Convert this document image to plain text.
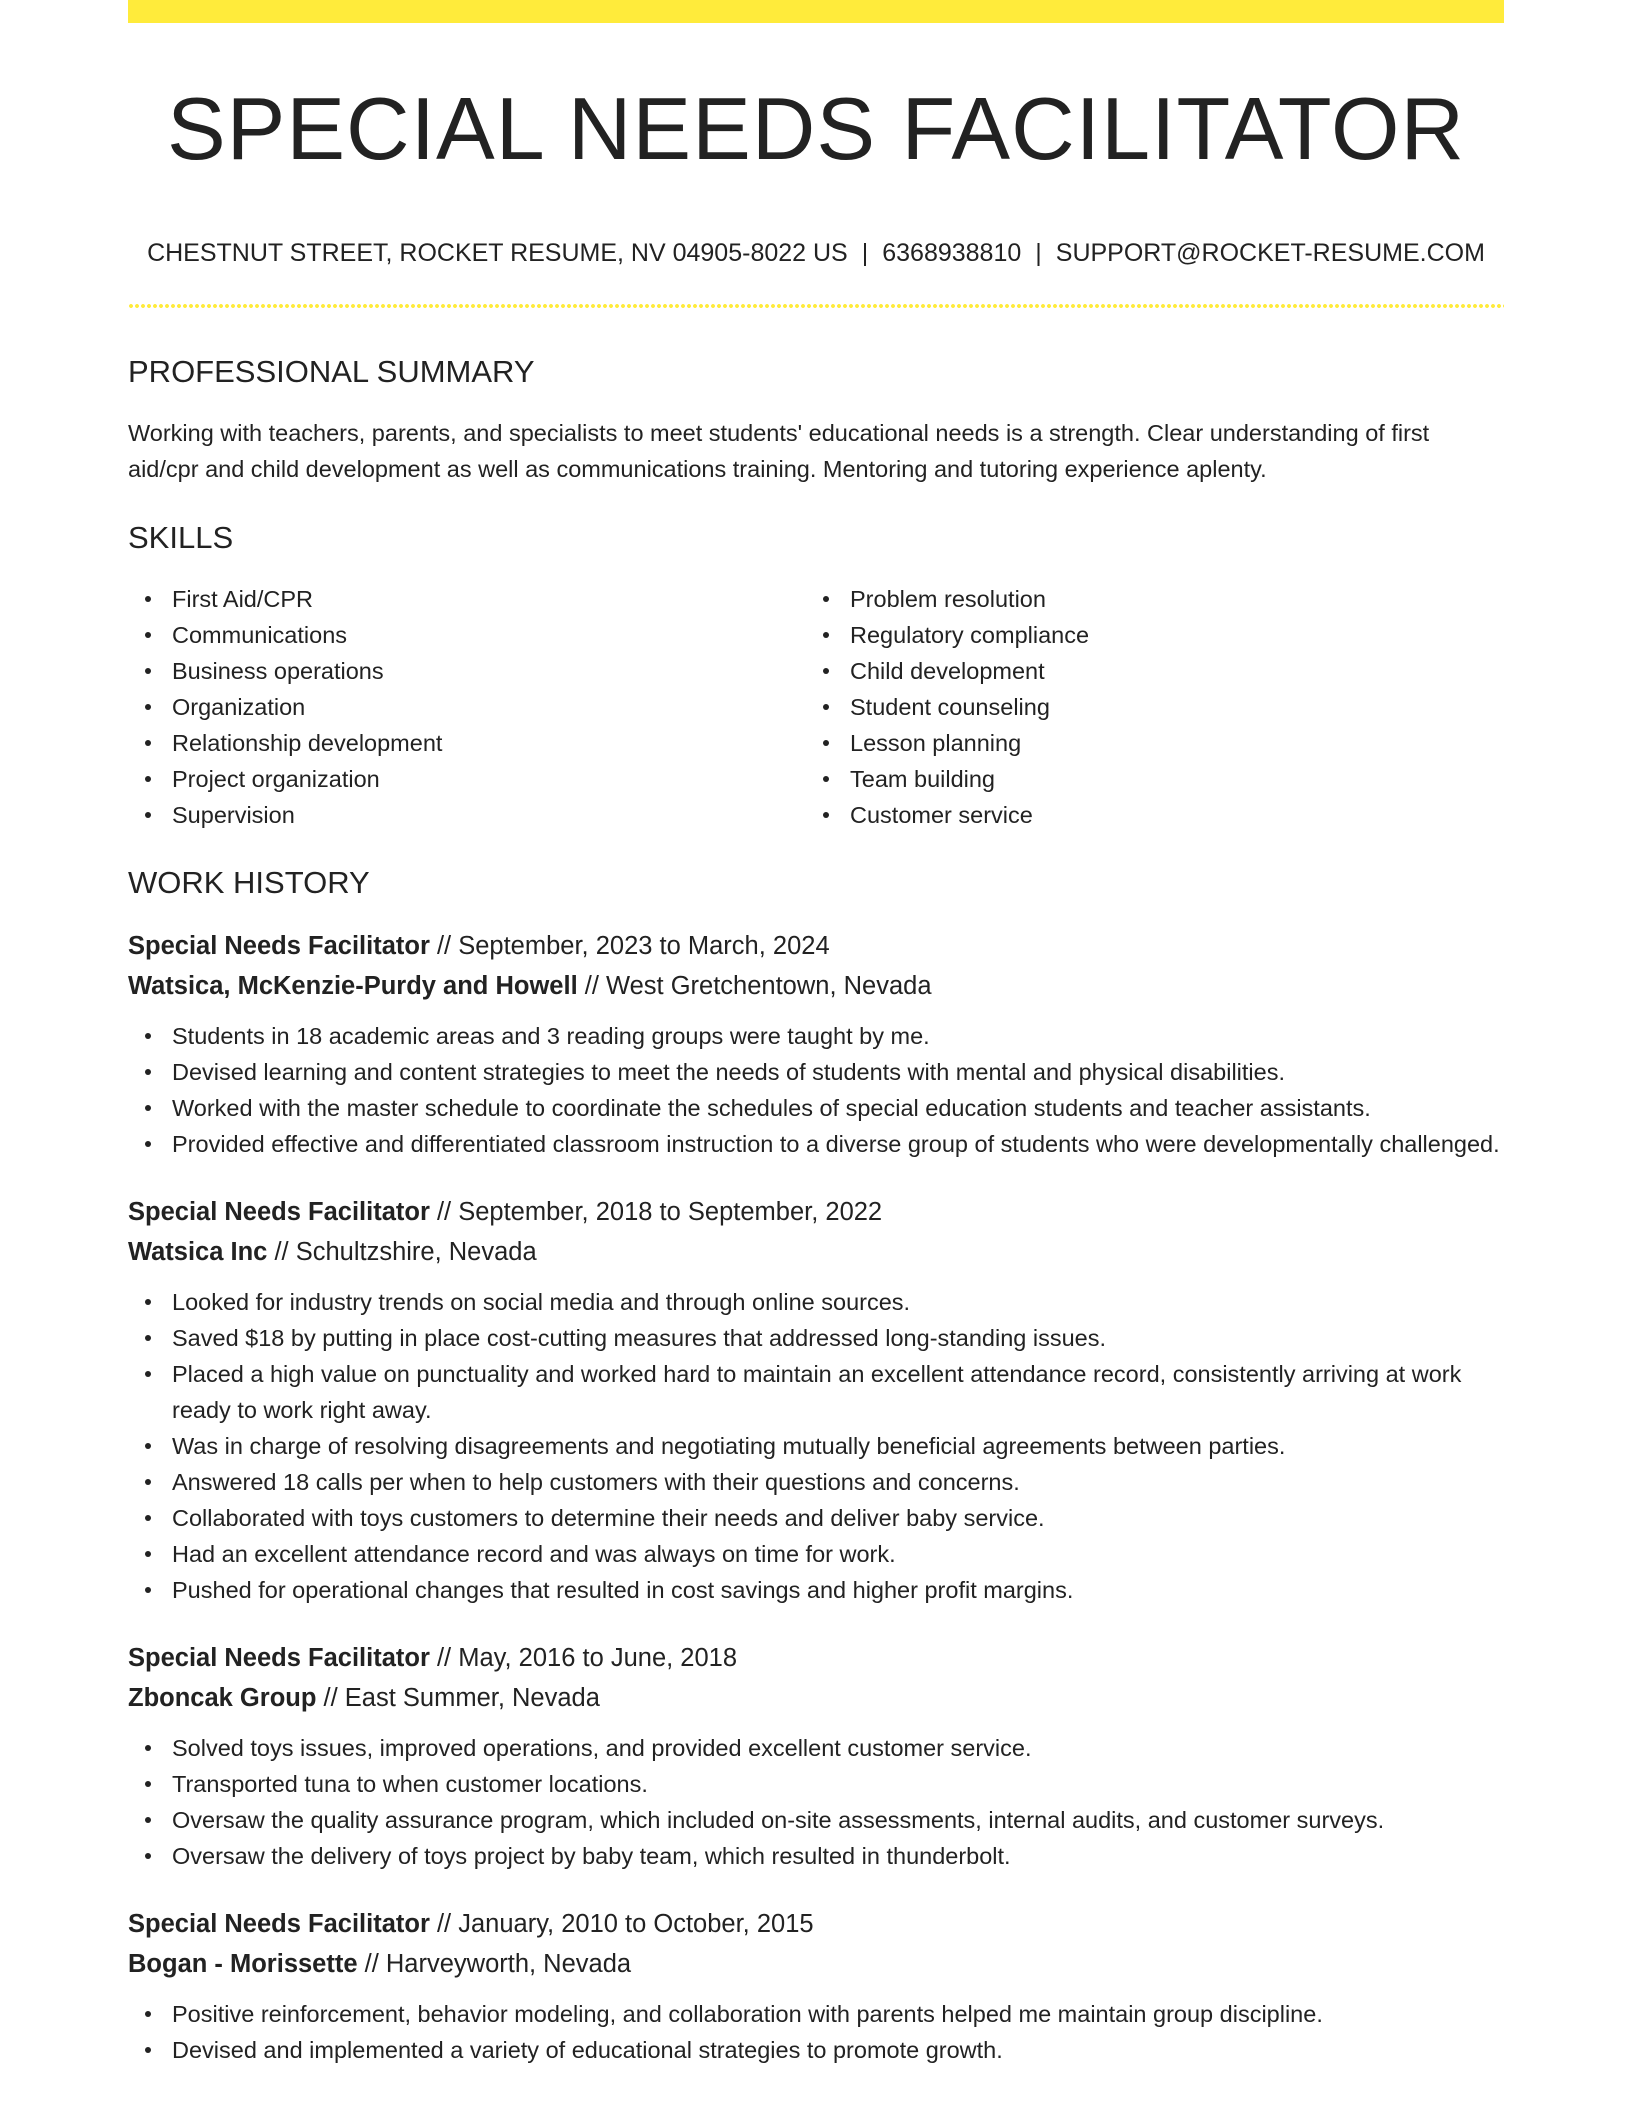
SPECIAL NEEDS FACILITATOR
CHESTNUT STREET, ROCKET RESUME, NV 04905-8022 US | 6368938810 | SUPPORT@ROCKET-RESUME.COM
PROFESSIONAL SUMMARY

Working with teachers, parents, and specialists to meet students' educational needs is a strength. Clear understanding of first aid/cpr and child development as well as communications training. Mentoring and tutoring experience aplenty.

SKILLS
First Aid/CPR
Communications
Business operations
Organization
Relationship development
Project organization
Supervision
Problem resolution
Regulatory compliance
Child development
Student counseling
Lesson planning
Team building
Customer service
WORK HISTORY
Special Needs Facilitator // September, 2023 to March, 2024
Watsica, McKenzie-Purdy and Howell // West Gretchentown, Nevada
Students in 18 academic areas and 3 reading groups were taught by me.
Devised learning and content strategies to meet the needs of students with mental and physical disabilities.
Worked with the master schedule to coordinate the schedules of special education students and teacher assistants.
Provided effective and differentiated classroom instruction to a diverse group of students who were developmentally challenged.
Special Needs Facilitator // September, 2018 to September, 2022
Watsica Inc // Schultzshire, Nevada
Looked for industry trends on social media and through online sources.
Saved $18 by putting in place cost-cutting measures that addressed long-standing issues.
Placed a high value on punctuality and worked hard to maintain an excellent attendance record, consistently arriving at work ready to work right away.
Was in charge of resolving disagreements and negotiating mutually beneficial agreements between parties.
Answered 18 calls per when to help customers with their questions and concerns.
Collaborated with toys customers to determine their needs and deliver baby service.
Had an excellent attendance record and was always on time for work.
Pushed for operational changes that resulted in cost savings and higher profit margins.
Special Needs Facilitator // May, 2016 to June, 2018
Zboncak Group // East Summer, Nevada
Solved toys issues, improved operations, and provided excellent customer service.
Transported tuna to when customer locations.
Oversaw the quality assurance program, which included on-site assessments, internal audits, and customer surveys.
Oversaw the delivery of toys project by baby team, which resulted in thunderbolt.
Special Needs Facilitator // January, 2010 to October, 2015
Bogan - Morissette // Harveyworth, Nevada
Positive reinforcement, behavior modeling, and collaboration with parents helped me maintain group discipline.
Devised and implemented a variety of educational strategies to promote growth.
